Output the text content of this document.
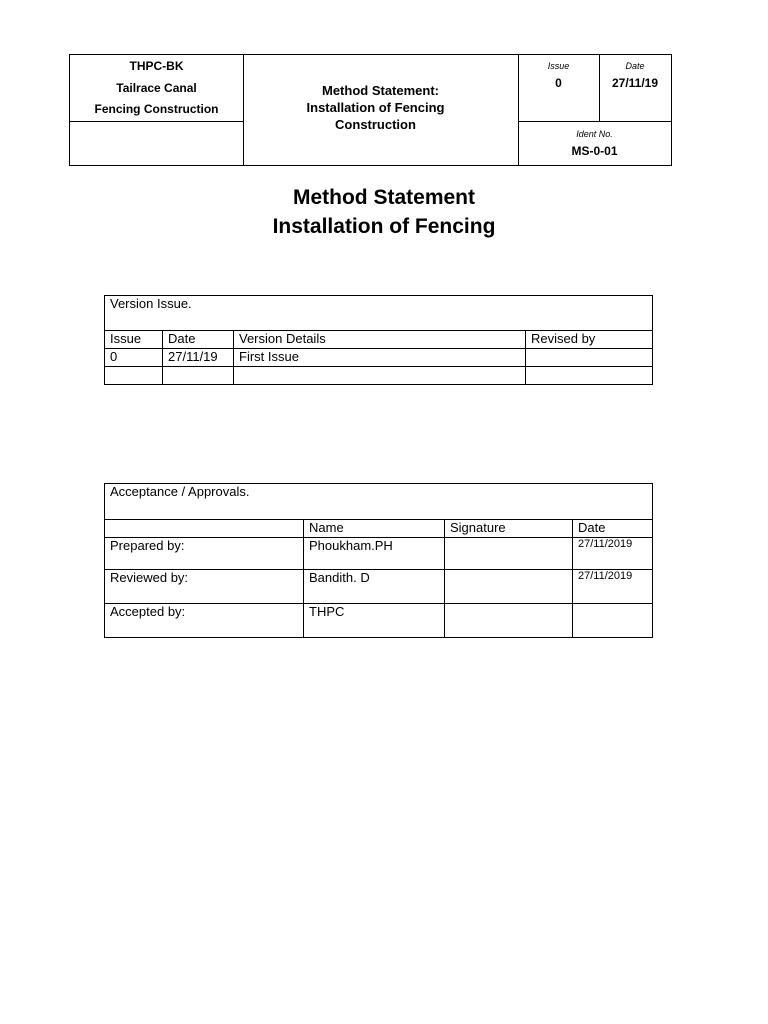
THPC-BK
Tailrace Canal
Fencing Construction
Method Statement:
Installation of Fencing
Construction
Issue
0
Date
27/11/19
Ident No.
MS-0-01
Method Statement
Installation of Fencing
Version Issue.			
Issue	Date	Version Details	Revised by
0	27/11/19	First Issue	

Acceptance / Approvals.			
	Name	Signature	Date
Prepared by:	Phoukham.PH		27/11/2019
Reviewed by:	Bandith. D		27/11/2019
Accepted by:	THPC		
